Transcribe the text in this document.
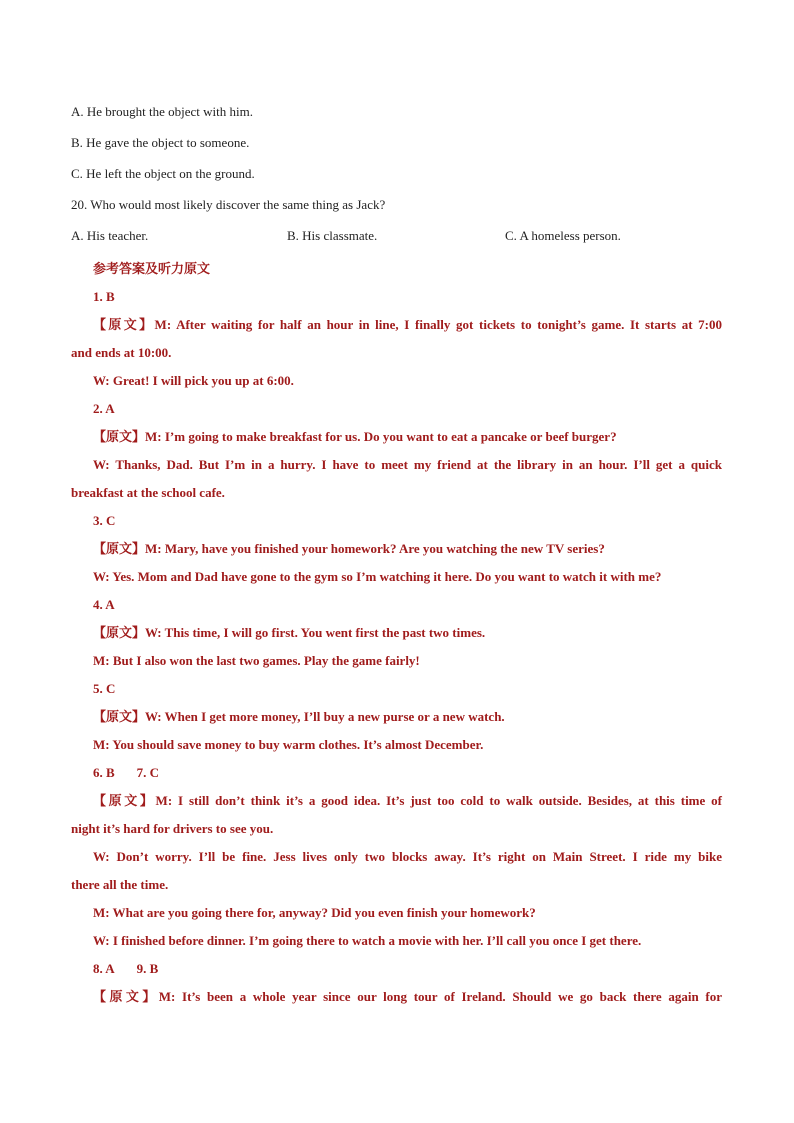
A. He brought the object with him.
B. He gave the object to someone.
C. He left the object on the ground.
20. Who would most likely discover the same thing as Jack?
A. His teacher.	B. His classmate.	C. A homeless person.
参考答案及听力原文
1. B
【原文】M: After waiting for half an hour in line, I finally got tickets to tonight’s game. It starts at 7:00
and ends at 10:00.
W: Great! I will pick you up at 6:00.
2. A
【原文】M: I’m going to make breakfast for us. Do you want to eat a pancake or beef burger?
W: Thanks, Dad. But I’m in a hurry. I have to meet my friend at the library in an hour. I’ll get a quick
breakfast at the school cafe.
3. C
【原文】M: Mary, have you finished your homework? Are you watching the new TV series?
W: Yes. Mom and Dad have gone to the gym so I’m watching it here. Do you want to watch it with me?
4. A
【原文】W: This time, I will go first. You went first the past two times.
M: But I also won the last two games. Play the game fairly!
5. C
【原文】W: When I get more money, I’ll buy a new purse or a new watch.
M: You should save money to buy warm clothes. It’s almost December.
6. B 7. C
【原文】M: I still don’t think it’s a good idea. It’s just too cold to walk outside. Besides, at this time of
night it’s hard for drivers to see you.
W: Don’t worry. I’ll be fine. Jess lives only two blocks away. It’s right on Main Street. I ride my bike
there all the time.
M: What are you going there for, anyway? Did you even finish your homework?
W: I finished before dinner. I’m going there to watch a movie with her. I’ll call you once I get there.
8. A 9. B
【原文】M: It’s been a whole year since our long tour of Ireland. Should we go back there again for
